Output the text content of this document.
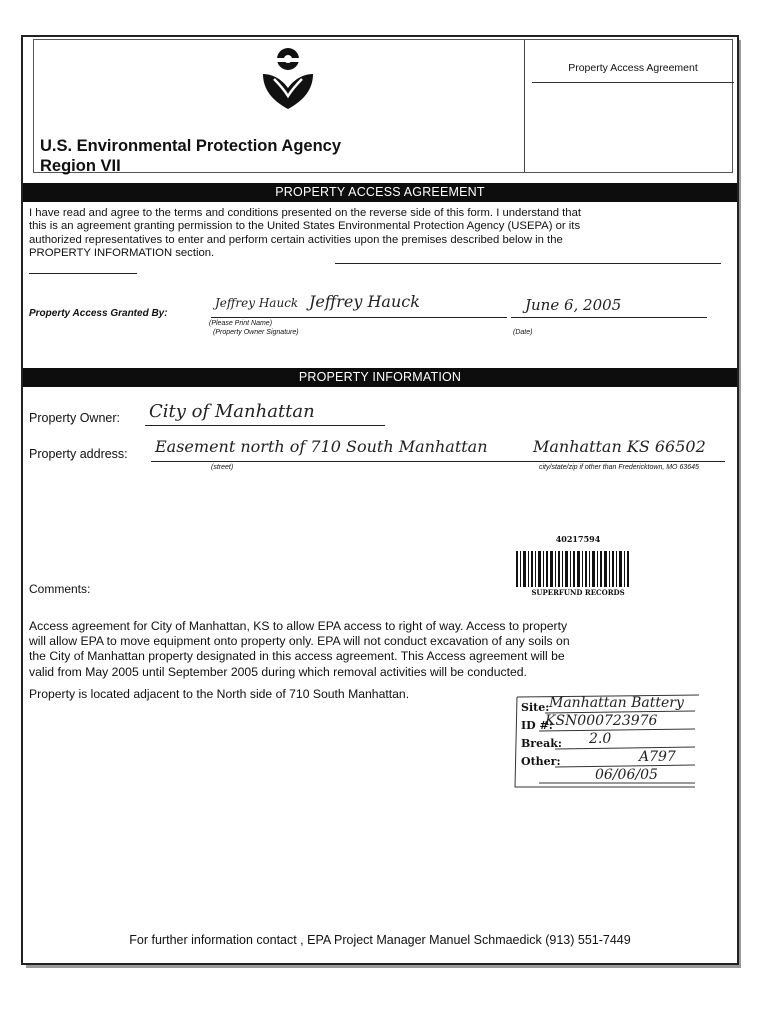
U.S. Environmental Protection Agency
Region VII
Property Access Agreement
PROPERTY ACCESS AGREEMENT
I have read and agree to the terms and conditions presented on the reverse side of this form. I understand that
this is an agreement granting permission to the United States Environmental Protection Agency (USEPA) or its
authorized representatives to enter and perform certain activities upon the premises described below in the
PROPERTY INFORMATION section.
Property Access Granted By:
Jeffrey Hauck Jeffrey Hauck	June 6, 2005
(Please Print Name)
(Property Owner Signature)	(Date)
PROPERTY INFORMATION
Property Owner: City of Manhattan
Property address: Easement north of 710 South Manhattan	Manhattan KS 66502
(street)	city/state/zip if other than Fredericktown, MO 63645
40217594
SUPERFUND RECORDS
Comments:
Access agreement for City of Manhattan, KS to allow EPA access to right of way. Access to property
will allow EPA to move equipment onto property only. EPA will not conduct excavation of any soils on
the City of Manhattan property designated in this access agreement. This Access agreement will be
valid from May 2005 until September 2005 during which removal activities will be conducted.
Property is located adjacent to the North side of 710 South Manhattan.
Site: Manhattan Battery
ID #:
KSN000723976
Break: 2.0
Other:	A797
06/06/05
For further information contact , EPA Project Manager Manuel Schmaedick (913) 551-7449
